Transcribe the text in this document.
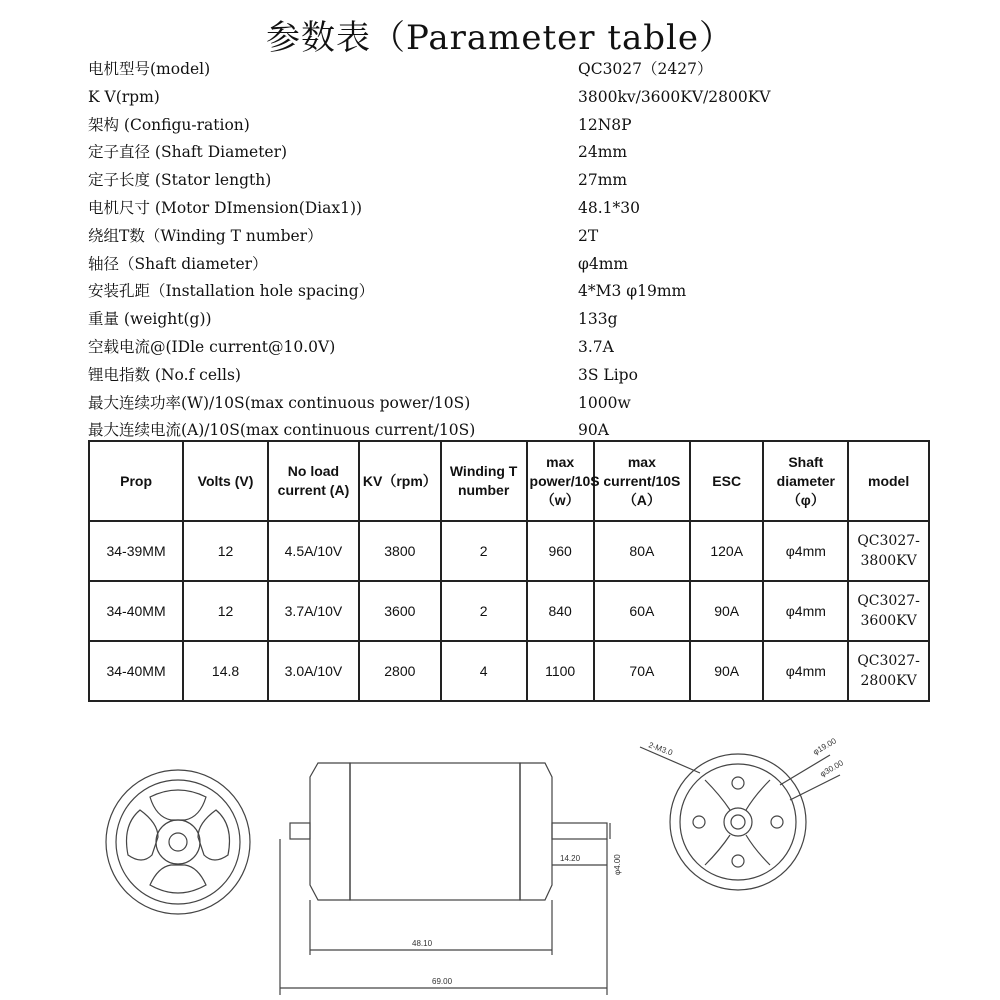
参数表（Parameter table）
电机型号(model)	QC3027（2427）
K V(rpm)	3800kv/3600KV/2800KV
架构 (Configu-ration)	12N8P
定子直径 (Shaft Diameter)	24mm
定子长度 (Stator length)	27mm
电机尺寸 (Motor DImension(Diax1))	48.1*30
绕组T数（Winding T number）	2T
轴径（Shaft diameter）	φ4mm
安装孔距（Installation hole spacing）	4*M3 φ19mm
重量 (weight(g))	133g
空载电流@(IDle current@10.0V)	3.7A
锂电指数 (No.f cells)	3S Lipo
最大连续功率(W)/10S(max continuous power/10S)	1000w
最大连续电流(A)/10S(max continuous current/10S)	90A
Prop	Volts (V)	No load current (A)	KV（rpm）	Winding T number	max power/10S（w）	max current/10S（A）	ESC	Shaft diameter（φ）	model
34-39MM	12	4.5A/10V	3800	2	960	80A	120A	φ4mm	QC3027-3800KV
34-40MM	12	3.7A/10V	3600	2	840	60A	90A	φ4mm	QC3027-3600KV
34-40MM	14.8	3.0A/10V	2800	4	1100	70A	90A	φ4mm	QC3027-2800KV
14.20	φ4.00
48.10
69.00
2-M3.0	φ19.00
φ30.00
